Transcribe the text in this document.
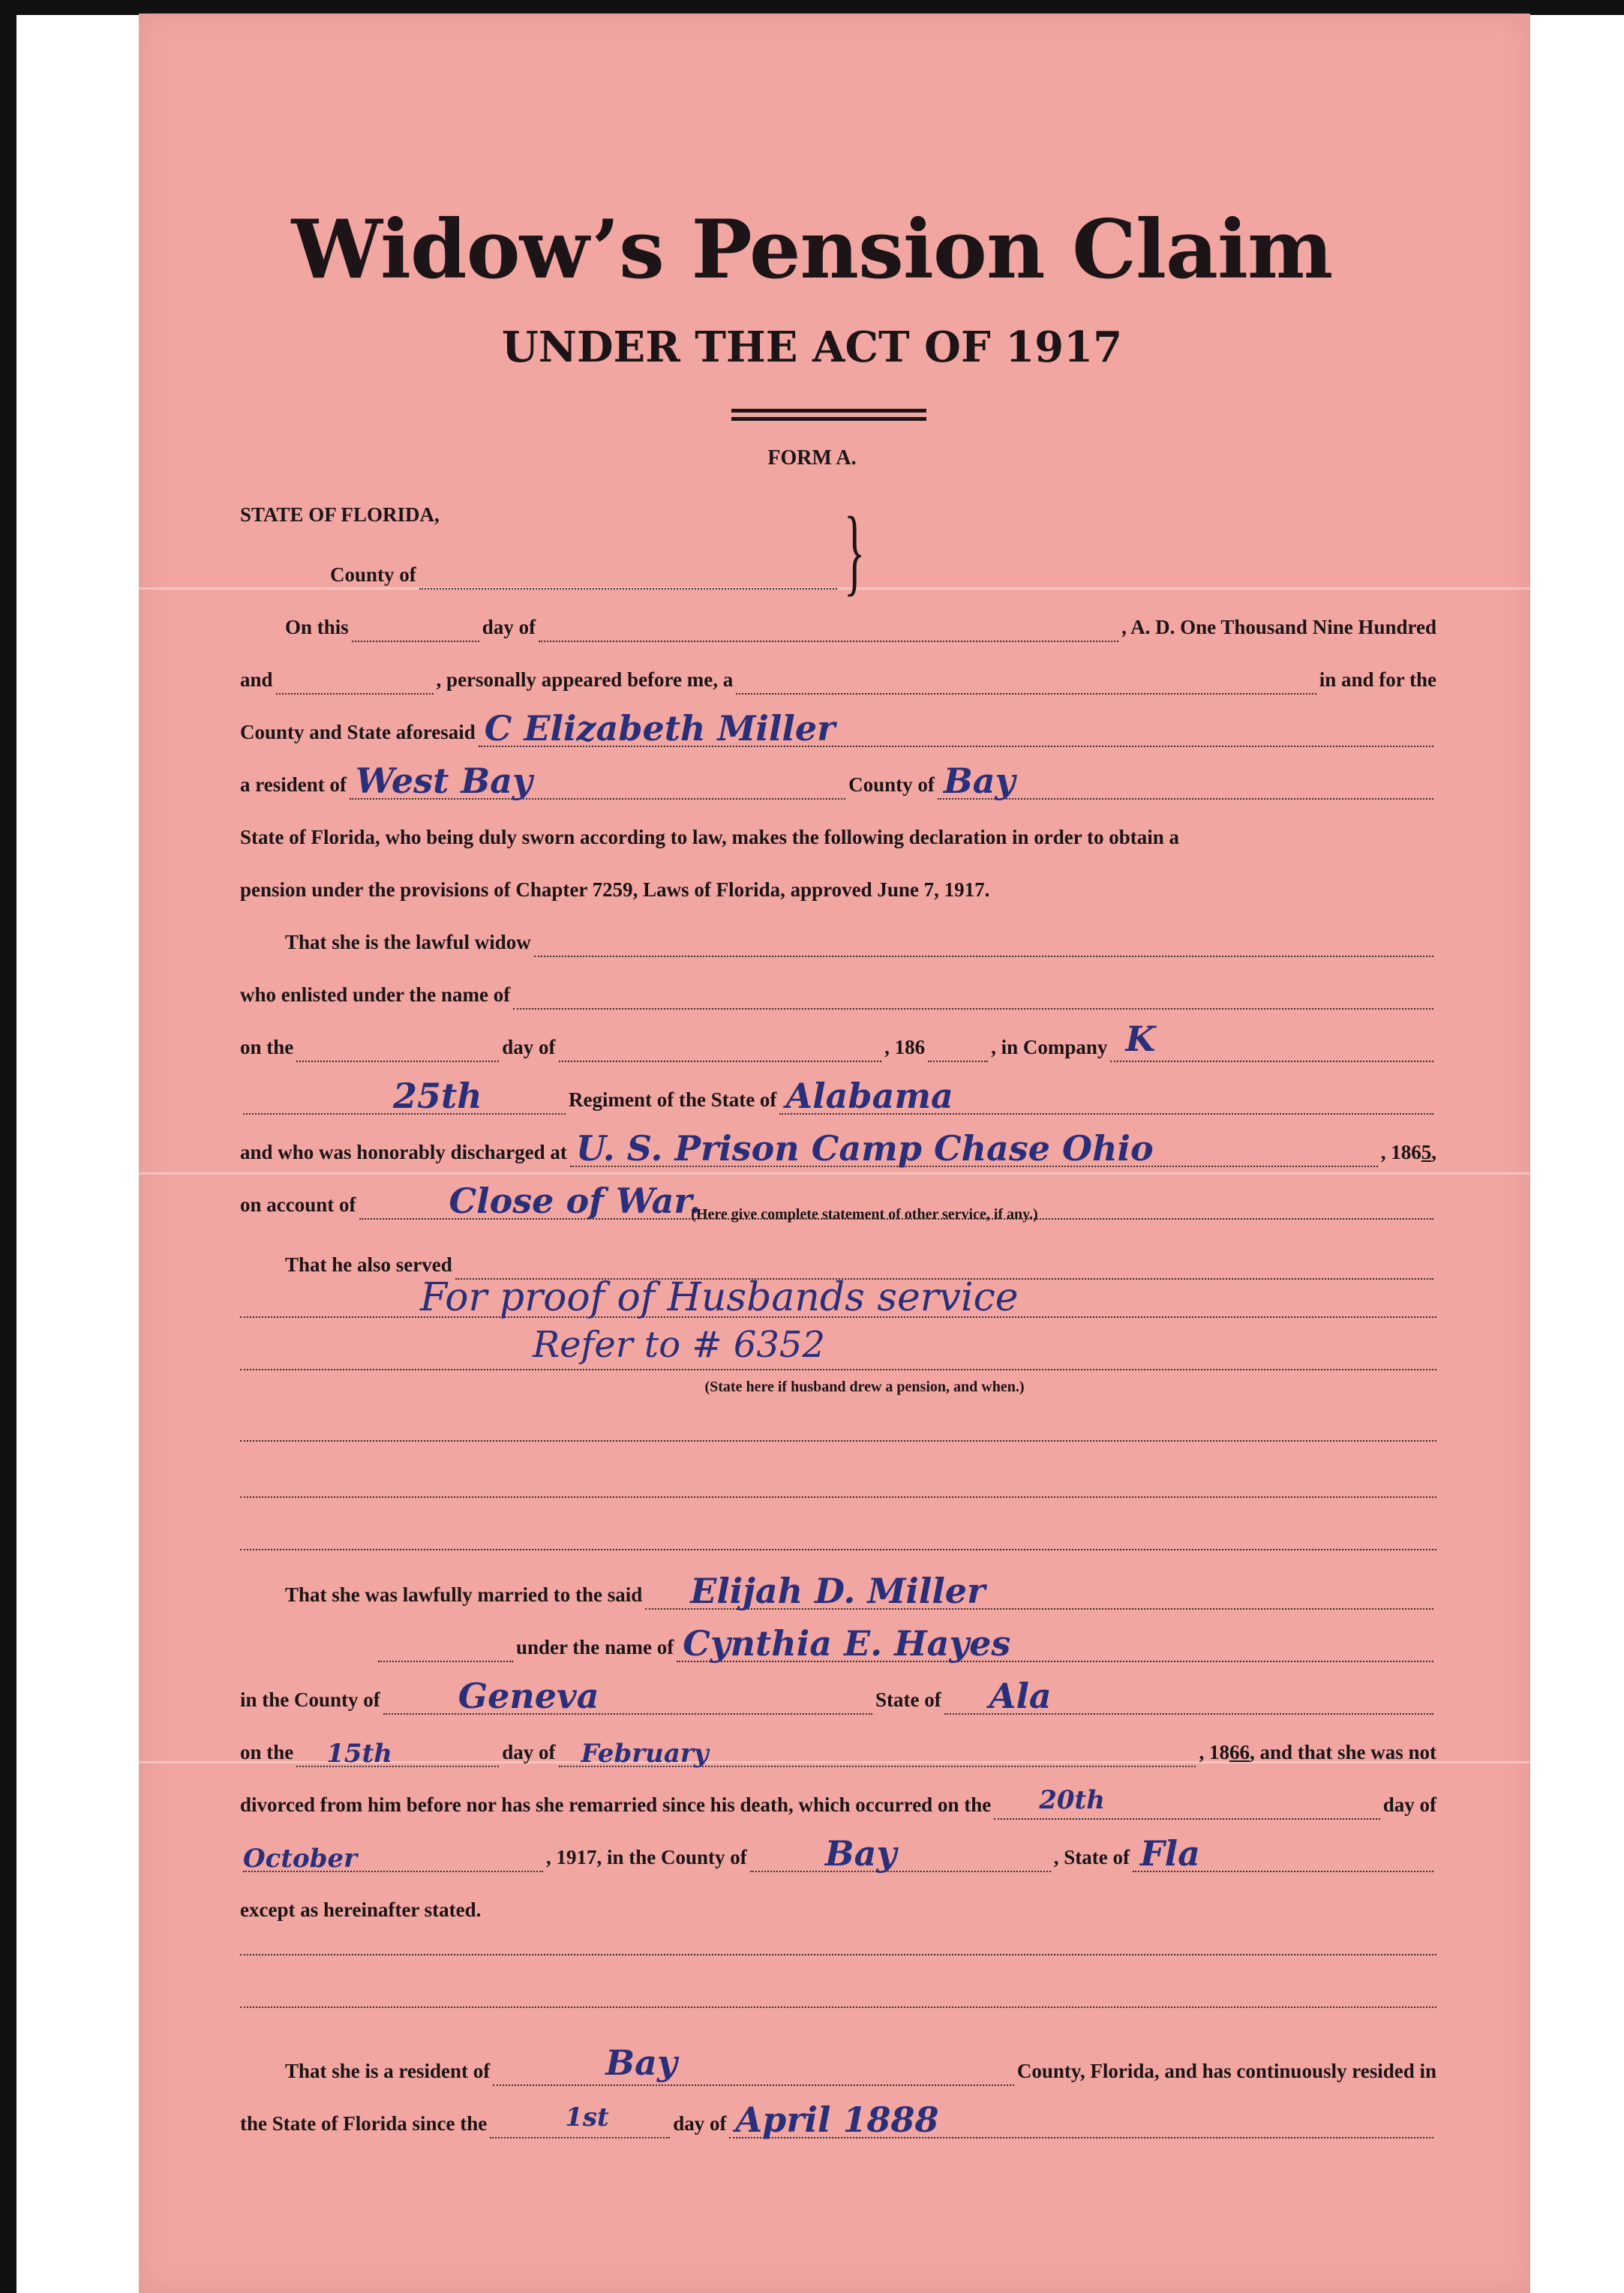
Widow’s Pension Claim
UNDER THE ACT OF 1917
FORM A.
STATE OF FLORIDA,
County of	}
On this	day of	, A. D. One Thousand Nine Hundred
and	, personally appeared before me, a	in and for the
County and State aforesaid C Elizabeth Miller
a resident of West Bay	County of Bay
State of Florida, who being duly sworn according to law, makes the following declaration in order to obtain a
pension under the provisions of Chapter 7259, Laws of Florida, approved June 7, 1917.
That she is the lawful widow
who enlisted under the name of
on the	day of	, 186	, in Company K
25th	Regiment of the State of Alabama
and who was honorably discharged at U. S. Prison Camp Chase Ohio	, 186 5 ,
on account of	Close of War.
(Here give complete statement of other service, if any.)
That he also served
For proof of Husbands service
Refer to # 6352
(State here if husband drew a pension, and when.)
That she was lawfully married to the said Elijah D. Miller
under the name of Cynthia E. Hayes
in the County of Geneva	State of Ala
on the 15th	day of February	, 18 66 , and that she was not
divorced from him before nor has she remarried since his death, which occurred on the 20th	day of
October	, 1917 , in the County of Bay	, State of Fla
except as hereinafter stated.
That she is a resident of	Bay	County, Florida, and has continuously resided in
the State of Florida since the	1st	day of April 1888
